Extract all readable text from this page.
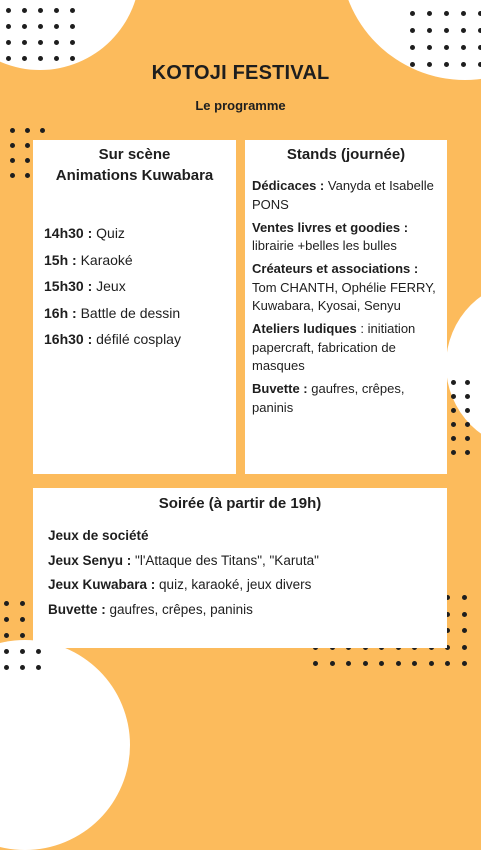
KOTOJI FESTIVAL
Le programme
Sur scène
Animations Kuwabara
14h30 : Quiz
15h : Karaoké
15h30 : Jeux
16h : Battle de dessin
16h30 : défilé cosplay
Stands (journée)
Dédicaces : Vanyda et Isabelle PONS
Ventes livres et goodies : librairie +belles les bulles
Créateurs et associations : Tom CHANTH, Ophélie FERRY, Kuwabara, Kyosai, Senyu
Ateliers ludiques : initiation papercraft, fabrication de masques
Buvette : gaufres, crêpes, paninis
Soirée (à partir de 19h)
Jeux de société
Jeux Senyu : "l'Attaque des Titans", "Karuta"
Jeux Kuwabara : quiz, karaoké, jeux divers
Buvette : gaufres, crêpes, paninis
